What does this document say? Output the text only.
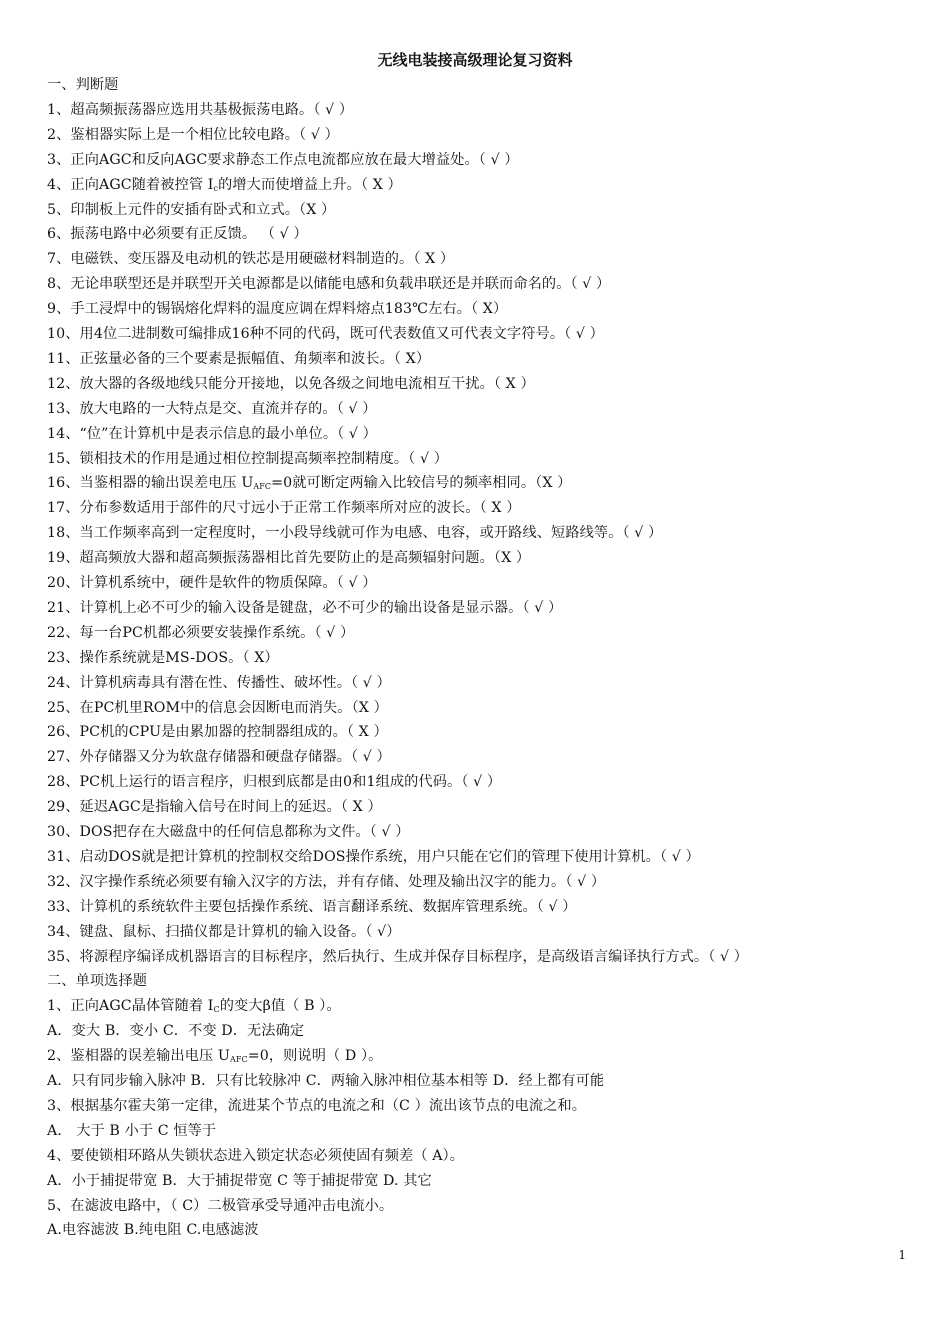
无线电装接高级理论复习资料
一、判断题
1、超高频振荡器应选用共基极振荡电路。（ √ ）
2、鉴相器实际上是一个相位比较电路。（ √ ）
3、正向AGC和反向AGC要求静态工作点电流都应放在最大增益处。（ √ ）
4、正向AGC随着被控管 $I_c$的增大而使增益上升。（ X ）
5、印制板上元件的安插有卧式和立式。（X ）
6、振荡电路中必须要有正反馈。 （ √ ）
7、电磁铁、变压器及电动机的铁芯是用硬磁材料制造的。（ X ）
8、无论串联型还是并联型开关电源都是以储能电感和负载串联还是并联而命名的。（ √ ）
9、手工浸焊中的锡锅熔化焊料的温度应调在焊料熔点183℃左右。（ X）
10、用4位二进制数可编排成16种不同的代码，既可代表数值又可代表文字符号。（ √ ）
11、正弦量必备的三个要素是振幅值、角频率和波长。（ X）
12、放大器的各级地线只能分开接地，以免各级之间地电流相互干扰。（ X ）
13、放大电路的一大特点是交、直流并存的。（ √ ）
14、“位”在计算机中是表示信息的最小单位。（ √ ）
15、锁相技术的作用是通过相位控制提高频率控制精度。（ √ ）
16、当鉴相器的输出误差电压 $U_{AFC}=0$就可断定两输入比较信号的频率相同。（X ）
17、分布参数适用于部件的尺寸远小于正常工作频率所对应的波长。（ X ）
18、当工作频率高到一定程度时，一小段导线就可作为电感、电容，或开路线、短路线等。（ √ ）
19、超高频放大器和超高频振荡器相比首先要防止的是高频辐射问题。（X ）
20、计算机系统中，硬件是软件的物质保障。（ √ ）
21、计算机上必不可少的输入设备是键盘，必不可少的输出设备是显示器。（ √ ）
22、每一台PC机都必须要安装操作系统。（ √ ）
23、操作系统就是MS-DOS。（ X）
24、计算机病毒具有潜在性、传播性、破坏性。（ √ ）
25、在PC机里ROM中的信息会因断电而消失。（X ）
26、PC机的CPU是由累加器的控制器组成的。（ X ）
27、外存储器又分为软盘存储器和硬盘存储器。（ √ ）
28、PC机上运行的语言程序，归根到底都是由0和1组成的代码。（ √ ）
29、延迟AGC是指输入信号在时间上的延迟。（ X ）
30、DOS把存在大磁盘中的任何信息都称为文件。（ √ ）
31、启动DOS就是把计算机的控制权交给DOS操作系统，用户只能在它们的管理下使用计算机。（ √ ）
32、汉字操作系统必须要有输入汉字的方法，并有存储、处理及输出汉字的能力。（ √ ）
33、计算机的系统软件主要包括操作系统、语言翻译系统、数据库管理系统。（ √ ）
34、键盘、鼠标、扫描仪都是计算机的输入设备。（ √）
35、将源程序编译成机器语言的目标程序，然后执行、生成并保存目标程序，是高级语言编译执行方式。（ √ ）
二、单项选择题
1、正向AGC晶体管随着 $I_C$的变大β值（ B ）。
A．变大 B．变小 C．不变 D．无法确定
2、鉴相器的误差输出电压 $U_{AFC}=0$，则说明（ D ）。
A．只有同步输入脉冲 B．只有比较脉冲 C．两输入脉冲相位基本相等 D．经上都有可能
3、根据基尔霍夫第一定律，流进某个节点的电流之和（C ）流出该节点的电流之和。
A． 大于 B 小于 C 恒等于
4、要使锁相环路从失锁状态进入锁定状态必须使固有频差（ A）。
A．小于捕捉带宽 B．大于捕捉带宽 C 等于捕捉带宽 D. 其它
5、在滤波电路中，（ C）二极管承受导通冲击电流小。
A.电容滤波 B.纯电阻 C.电感滤波
1
